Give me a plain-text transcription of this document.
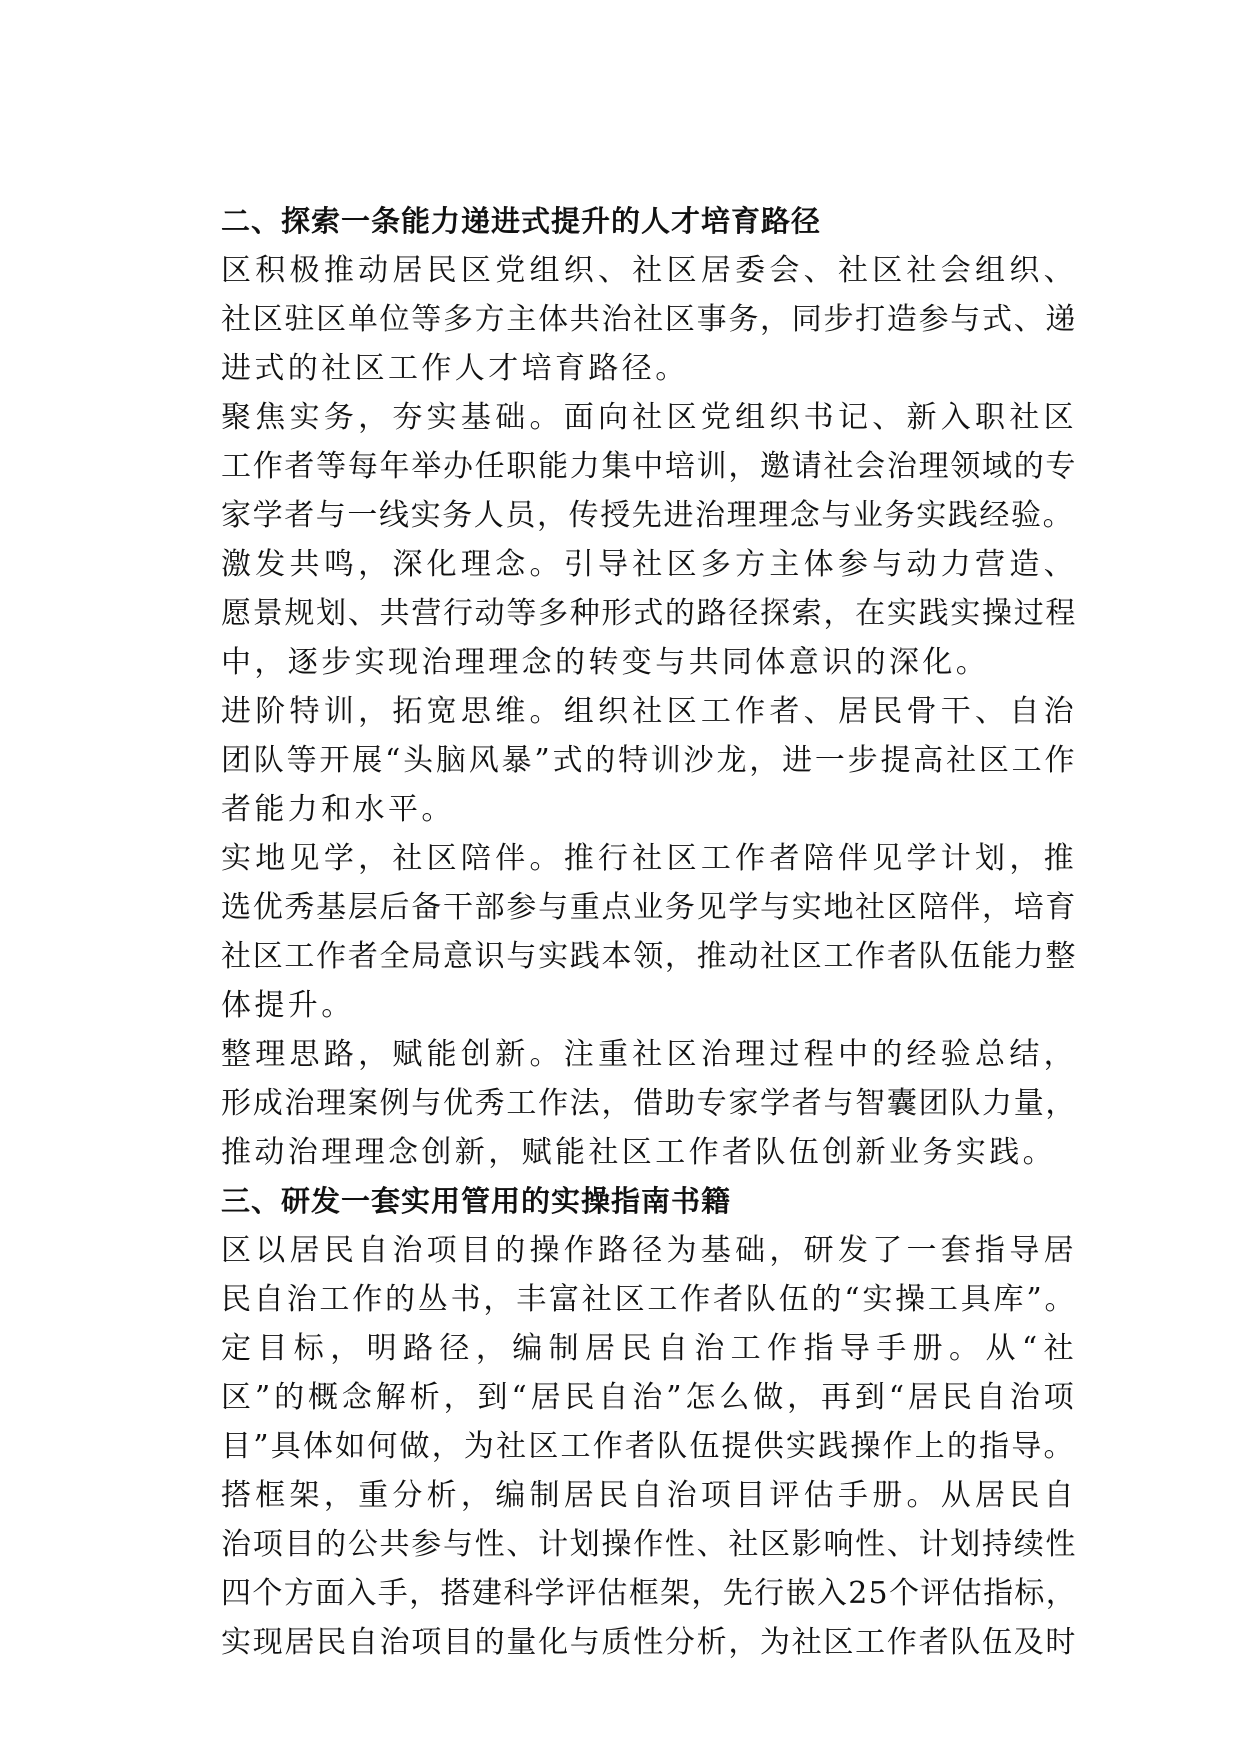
二、探索一条能力递进式提升的人才培育路径
区积极推动居民区党组织、社区居委会、社区社会组织、
社区驻区单位等多方主体共治社区事务，同步打造参与式、递
进式的社区工作人才培育路径。
聚焦实务，夯实基础。面向社区党组织书记、新入职社区
工作者等每年举办任职能力集中培训，邀请社会治理领域的专
家学者与一线实务人员，传授先进治理理念与业务实践经验。
激发共鸣，深化理念。引导社区多方主体参与动力营造、
愿景规划、共营行动等多种形式的路径探索，在实践实操过程
中，逐步实现治理理念的转变与共同体意识的深化。
进阶特训，拓宽思维。组织社区工作者、居民骨干、自治
团队等开展“头脑风暴”式的特训沙龙，进一步提高社区工作
者能力和水平。
实地见学，社区陪伴。推行社区工作者陪伴见学计划，推
选优秀基层后备干部参与重点业务见学与实地社区陪伴，培育
社区工作者全局意识与实践本领，推动社区工作者队伍能力整
体提升。
整理思路，赋能创新。注重社区治理过程中的经验总结，
形成治理案例与优秀工作法，借助专家学者与智囊团队力量，
推动治理理念创新，赋能社区工作者队伍创新业务实践。
三、研发一套实用管用的实操指南书籍
区以居民自治项目的操作路径为基础，研发了一套指导居
民自治工作的丛书，丰富社区工作者队伍的“实操工具库”。
定目标，明路径，编制居民自治工作指导手册。从“社
区”的概念解析，到“居民自治”怎么做，再到“居民自治项
目”具体如何做，为社区工作者队伍提供实践操作上的指导。
搭框架，重分析，编制居民自治项目评估手册。从居民自
治项目的公共参与性、计划操作性、社区影响性、计划持续性
四个方面入手，搭建科学评估框架，先行嵌入25个评估指标，
实现居民自治项目的量化与质性分析，为社区工作者队伍及时
